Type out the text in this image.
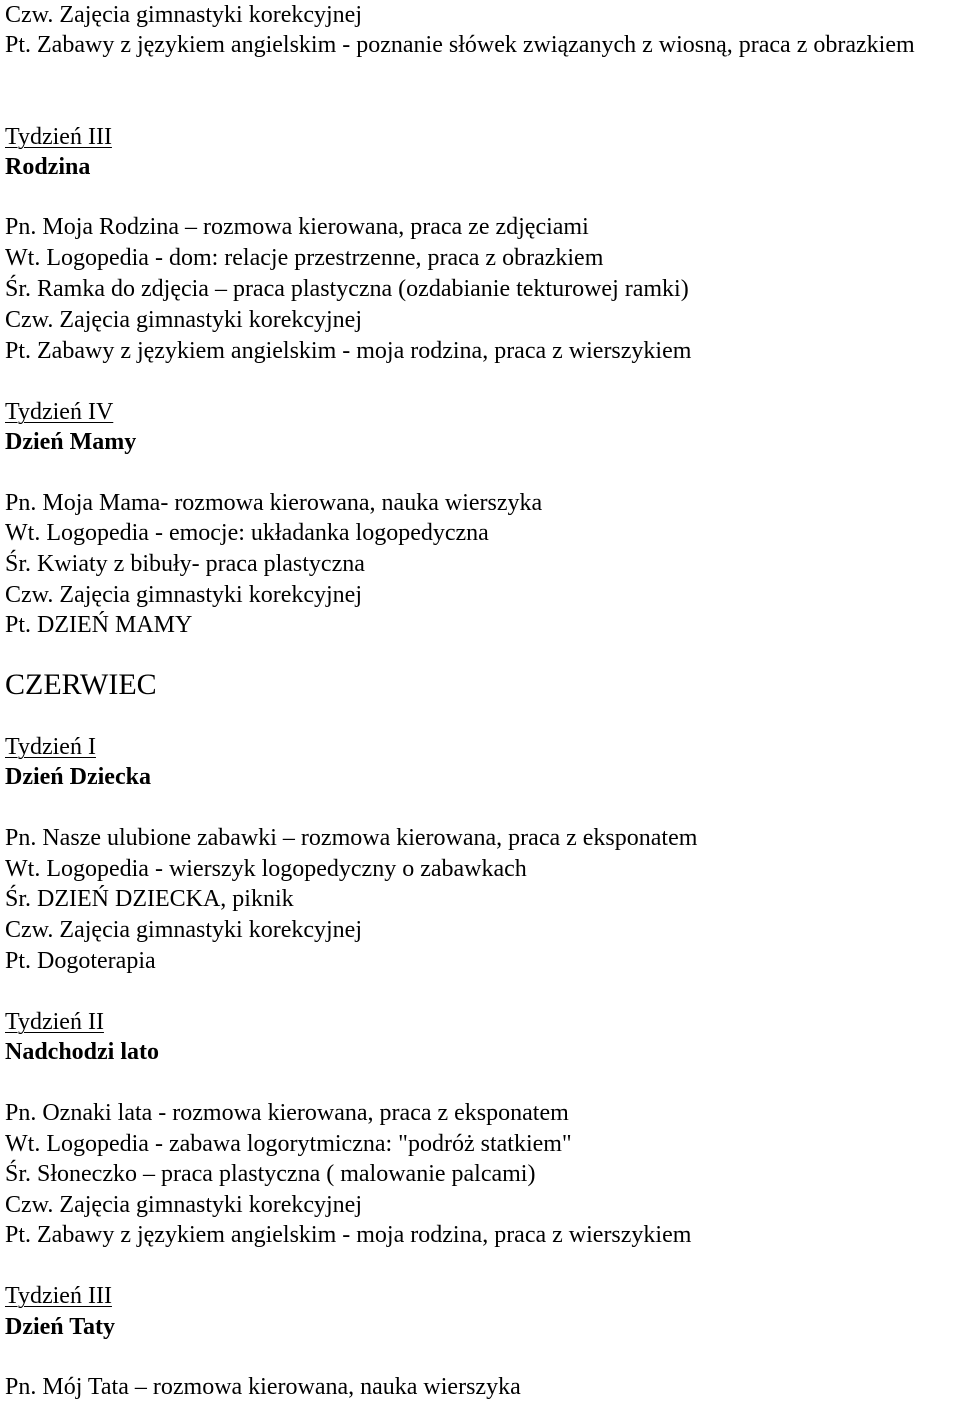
Czw. Zajęcia gimnastyki korekcyjnej
Pt. Zabawy z językiem angielskim - poznanie słówek związanych z wiosną, praca z obrazkiem
Tydzień III
Rodzina
Pn. Moja Rodzina – rozmowa kierowana, praca ze zdjęciami
Wt. Logopedia - dom: relacje przestrzenne, praca z obrazkiem
Śr. Ramka do zdjęcia – praca plastyczna (ozdabianie tekturowej ramki)
Czw. Zajęcia gimnastyki korekcyjnej
Pt. Zabawy z językiem angielskim - moja rodzina, praca z wierszykiem
Tydzień IV
Dzień Mamy
Pn. Moja Mama- rozmowa kierowana, nauka wierszyka
Wt. Logopedia - emocje: układanka logopedyczna
Śr. Kwiaty z bibuły- praca plastyczna
Czw. Zajęcia gimnastyki korekcyjnej
Pt. DZIEŃ MAMY
CZERWIEC
Tydzień I
Dzień Dziecka
Pn. Nasze ulubione zabawki – rozmowa kierowana, praca z eksponatem
Wt. Logopedia - wierszyk logopedyczny o zabawkach
Śr. DZIEŃ DZIECKA, piknik
Czw. Zajęcia gimnastyki korekcyjnej
Pt. Dogoterapia
Tydzień II
Nadchodzi lato
Pn. Oznaki lata - rozmowa kierowana, praca z eksponatem
Wt. Logopedia - zabawa logorytmiczna: "podróż statkiem"
Śr. Słoneczko – praca plastyczna ( malowanie palcami)
Czw. Zajęcia gimnastyki korekcyjnej
Pt. Zabawy z językiem angielskim - moja rodzina, praca z wierszykiem
Tydzień III
Dzień Taty
Pn. Mój Tata – rozmowa kierowana, nauka wierszyka
